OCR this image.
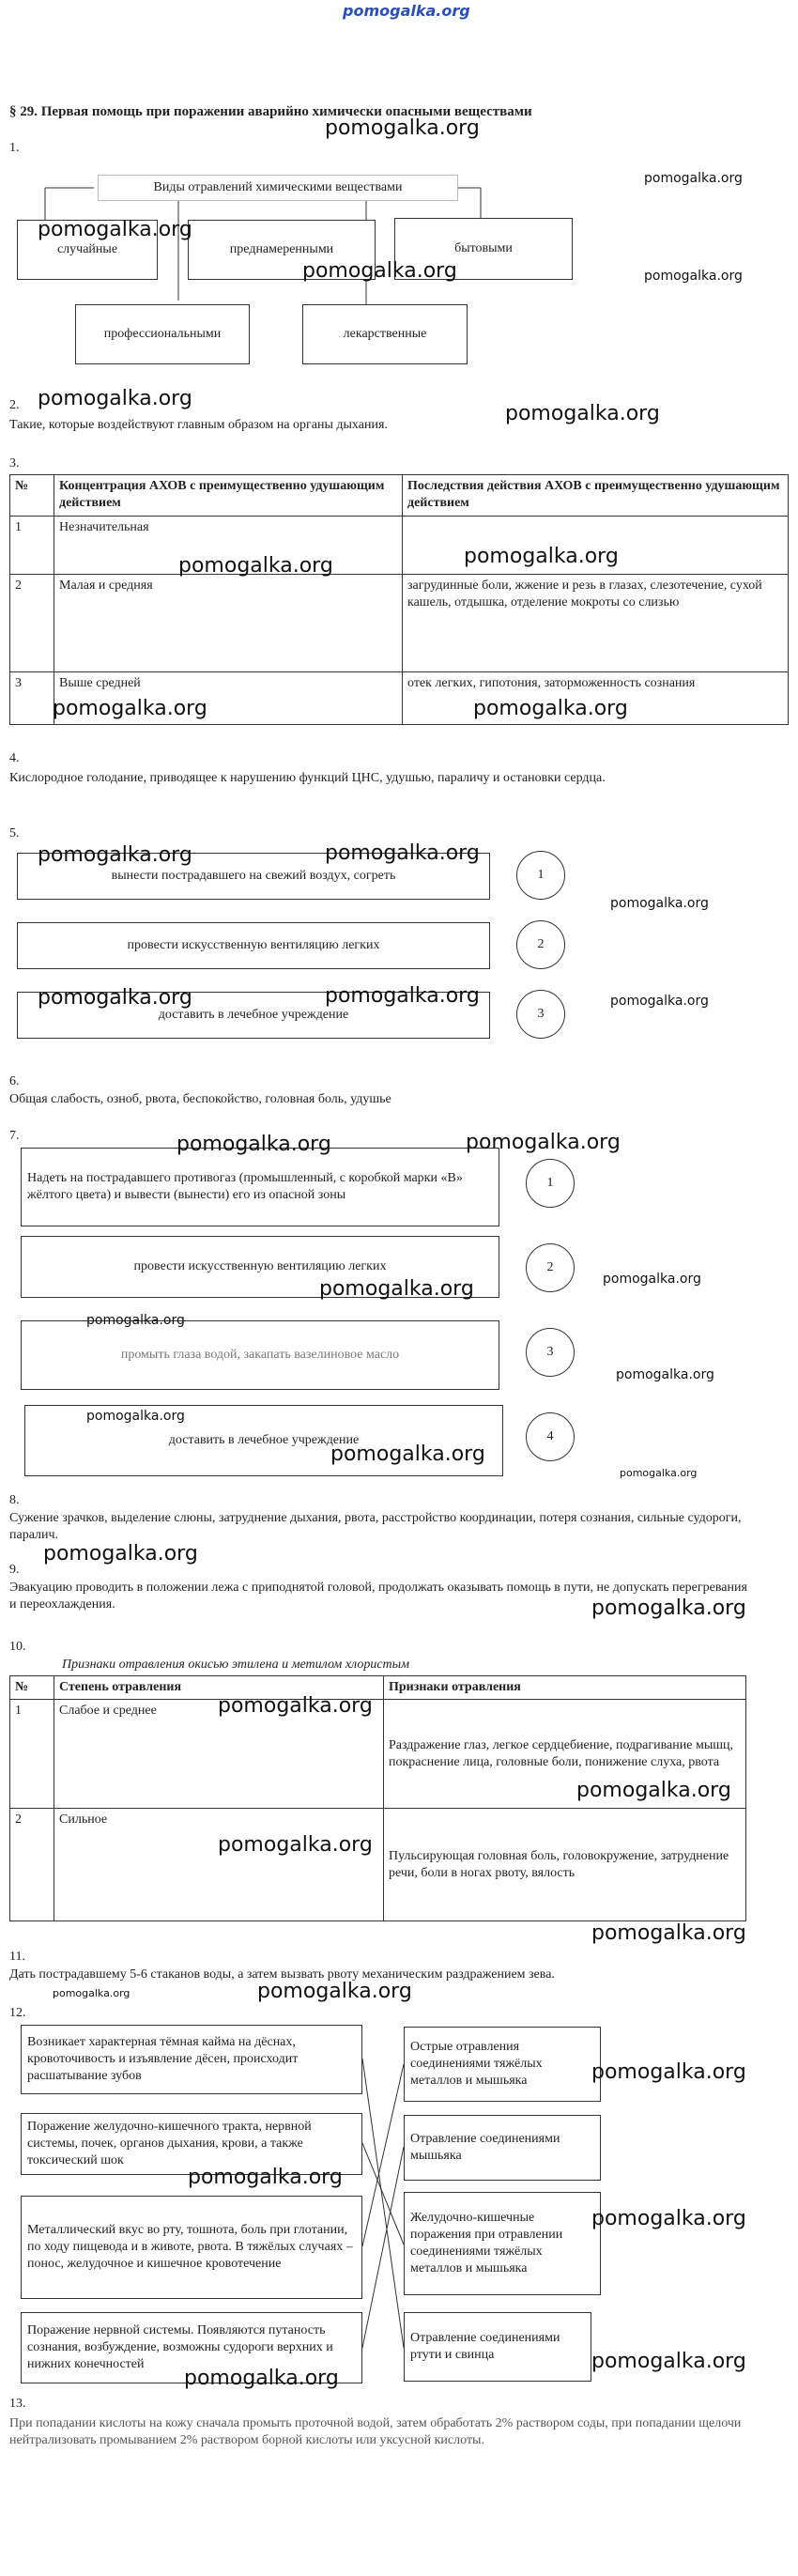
pomogalka.org
§ 29. Первая помощь при поражении аварийно химически опасными веществами
1.
Виды отравлений химическими веществами
случайные	преднамеренными	бытовыми
профессиональными	лекарственные
2.
Такие, которые воздействуют главным образом на органы дыхания.
3.
№	Концентрация АХОВ с преимущественно удушающим действием	Последствия действия АХОВ с преимущественно удушающим действием
1	Незначительная	
2	Малая и средняя	загрудинные боли, жжение и резь в глазах, слезотечение, сухой кашель, отдышка, отделение мокроты со слизью
3	Выше средней	отек легких, гипотония, заторможенность сознания
4.
Кислородное голодание, приводящее к нарушению функций ЦНС, удушью, параличу и остановки сердца.
5.
вынести пострадавшего на свежий воздух, согреть
провести искусственную вентиляцию легких
доставить в лечебное учреждение
1
2
3
6.
Общая слабость, озноб, рвота, беспокойство, головная боль, удушье
7.
Надеть на пострадавшего противогаз (промышленный, с коробкой марки «В» жёлтого цвета) и вывести (вынести) его из опасной зоны
провести искусственную вентиляцию легких
промыть глаза водой, закапать вазелиновое масло
доставить в лечебное учреждение
1
2
3
4
8.
Сужение зрачков, выделение слюны, затруднение дыхания, рвота, расстройство координации, потеря сознания, сильные судороги, паралич.
9.
Эвакуацию проводить в положении лежа с приподнятой головой, продолжать оказывать помощь в пути, не допускать перегревания и переохлаждения.
10.
Признаки отравления окисью этилена и метилом хлористым
№	Степень отравления	Признаки отравления
1	Слабое и среднее	Раздражение глаз, легкое сердцебиение, подрагивание мышц, покраснение лица, головные боли, понижение слуха, рвота
2	Сильное	Пульсирующая головная боль, головокружение, затруднение речи, боли в ногах рвоту, вялость
11.
Дать пострадавшему 5-6 стаканов воды, а затем вызвать рвоту механическим раздражением зева.
12.
Возникает характерная тёмная кайма на дёснах, кровоточивость и изъявление дёсен, происходит расшатывание зубов
Поражение желудочно-кишечного тракта, нервной системы, почек, органов дыхания, крови, а также токсический шок
Металлический вкус во рту, тошнота, боль при глотании, по ходу пищевода и в животе, рвота. В тяжёлых случаях – понос, желудочное и кишечное кровотечение
Поражение нервной системы. Появляются путаность сознания, возбуждение, возможны судороги верхних и нижних конечностей
Острые отравления соединениями тяжёлых металлов и мышьяка
Отравление соединениями мышьяка
Желудочно-кишечные поражения при отравлении соединениями тяжёлых металлов и мышьяка
Отравление соединениями ртути и свинца
13.
При попадании кислоты на кожу сначала промыть проточной водой, затем обработать 2% раствором соды, при попадании щелочи нейтрализовать промыванием 2% раствором борной кислоты или уксусной кислоты.
pomogalka.org
pomogalka.org
pomogalka.org
pomogalka.org	pomogalka.org
pomogalka.org
pomogalka.org
pomogalka.org
pomogalka.org
pomogalka.org	pomogalka.org
pomogalka.org	pomogalka.org
pomogalka.org
pomogalka.org	pomogalka.org	pomogalka.org
pomogalka.org	pomogalka.org
pomogalka.org	pomogalka.org
pomogalka.org
pomogalka.org
pomogalka.org
pomogalka.org
pomogalka.org
pomogalka.org
pomogalka.org
pomogalka.org
pomogalka.org
pomogalka.org
pomogalka.org
pomogalka.org	pomogalka.org
pomogalka.org
pomogalka.org
pomogalka.org
pomogalka.org
pomogalka.org
